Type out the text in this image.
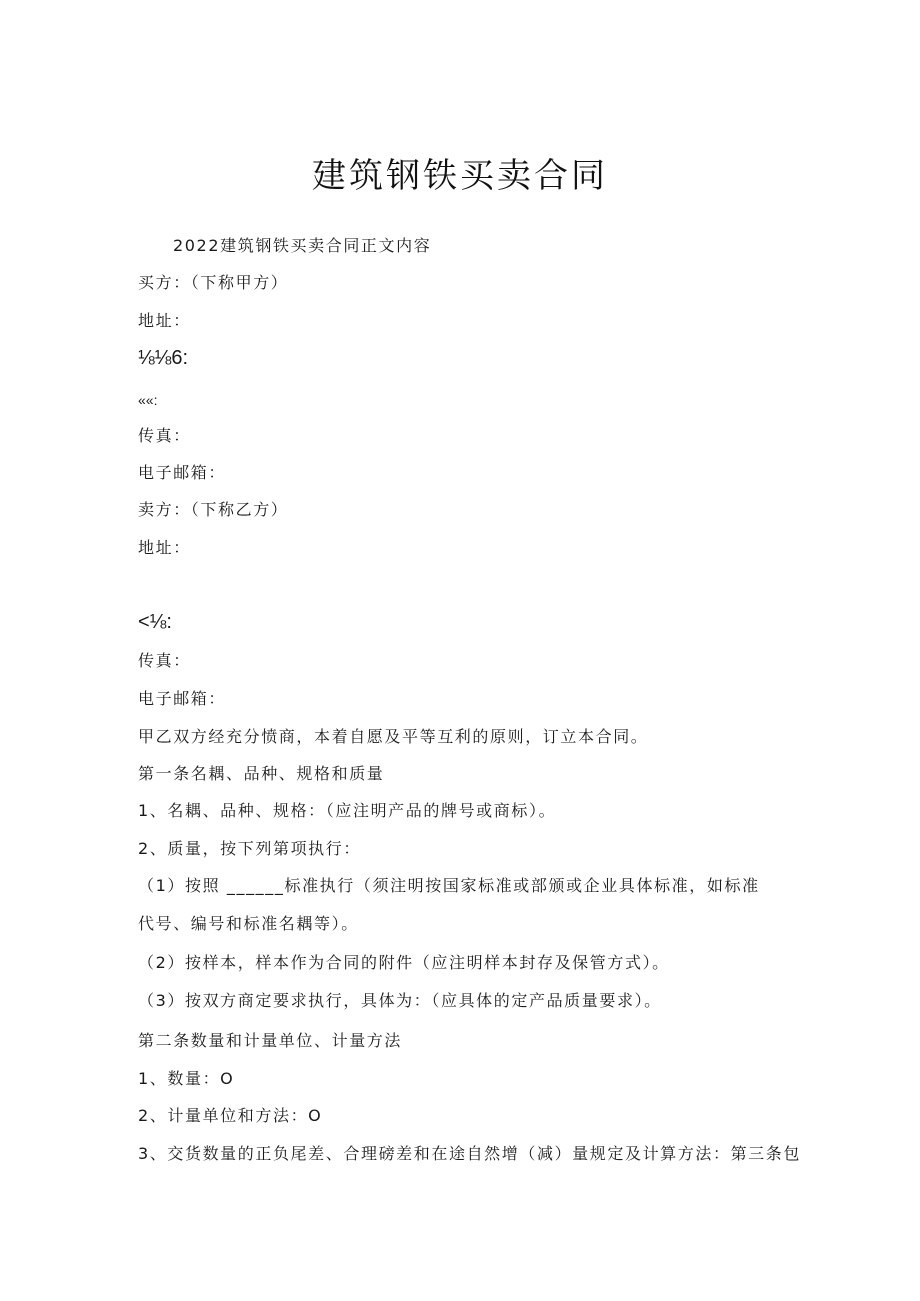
建筑钢铁买卖合同
2022建筑钢铁买卖合同正文内容
买方：（下称甲方）
地址：
⅛⅛6:
««:
传真：
电子邮箱：
卖方：（下称乙方）
地址：
<⅛:
传真：
电子邮箱：
甲乙双方经充分愤商，本着自愿及平等互利的原则，订立本合同。
第一条名耦、品种、规格和质量
1、名耦、品种、规格：（应注明产品的牌号或商标）。
2、质量，按下列第项执行：
（1）按照 ______标准执行（须注明按国家标准或部颁或企业具体标准，如标准
代号、编号和标准名耦等）。
（2）按样本，样本作为合同的附件（应注明样本封存及保管方式）。
（3）按双方商定要求执行，具体为：（应具体的定产品质量要求）。
第二条数量和计量单位、计量方法
1、数量：O
2、计量单位和方法：O
3、交货数量的正负尾差、合理磅差和在途自然增（减）量规定及计算方法：第三条包
